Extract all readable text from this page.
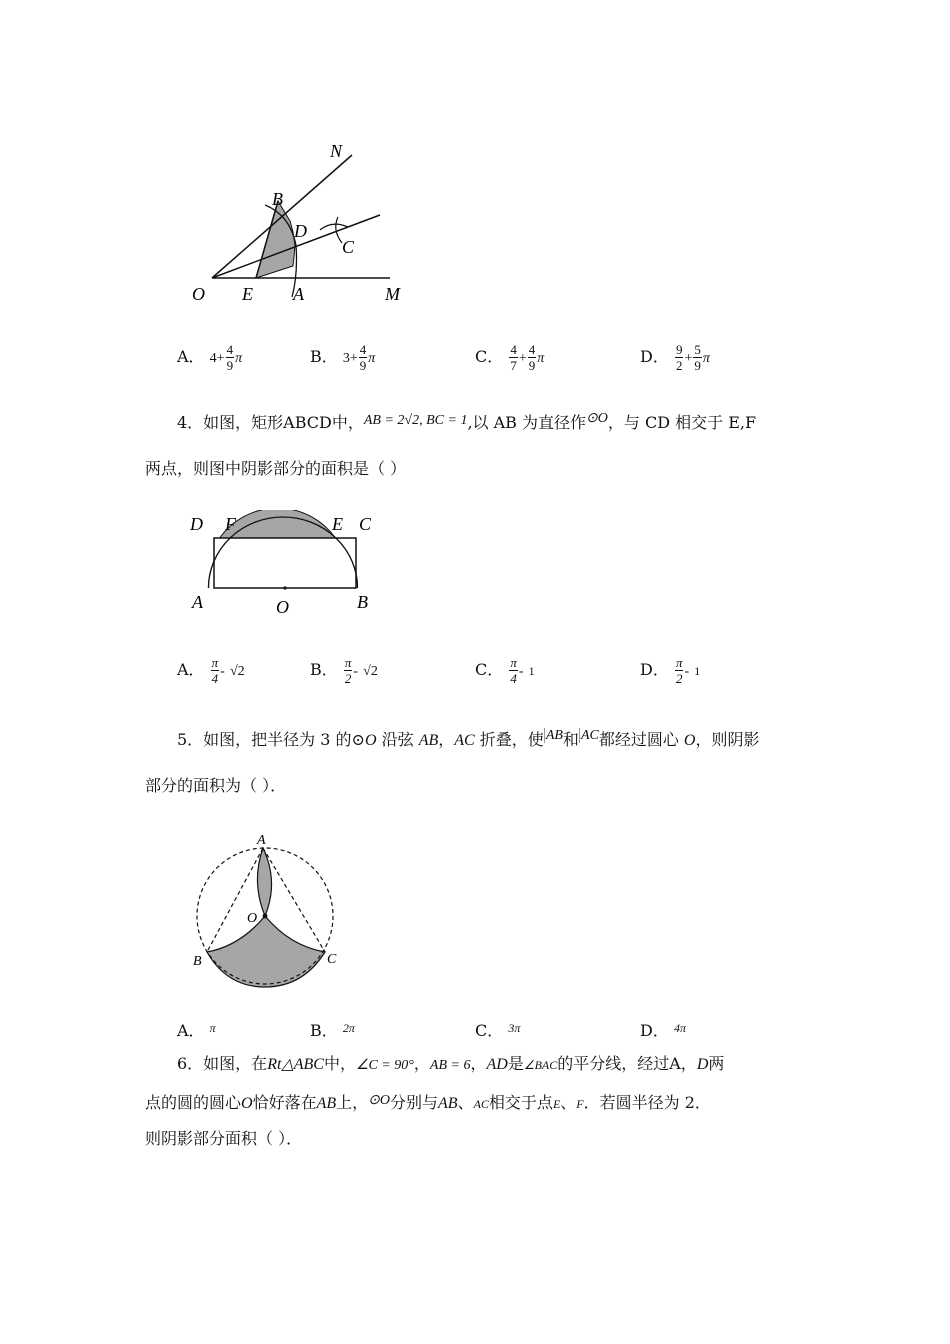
N
B
D
C
O E A	M
A． $4+ \frac{4}{9}$ π	B． $3+ \frac{4}{9}$ π	C． $\frac{4}{7} + \frac{4}{9}$ π	D． $\frac{9}{2} + \frac{5}{9}$ π
4．如图，矩形ABCD中，AB = 2√2, BC = 1,以 AB 为直径作⊙O，与 CD 相交于 E,F
两点，则图中阴影部分的面积是（ ）
D F	E C
A	O	B
A． $\frac{\pi}{4} - √2$	B． $\frac{\pi}{2} - √2$	C． $\frac{\pi}{4} - 1$	D． $\frac{\pi}{2} - 1$
5．如图，把半径为 3 的⊙O 沿弦 AB，AC 折叠，使 AB和 AC都经过圆心 O，则阴影
部分的面积为（ ）．
A
O
B	C
A． $^\pi$	B． $^{2\pi}$	C． $^{3\pi}$	D． $^{4\pi}$
6．如图，在Rt△ABC中，∠C = 90°，AB = 6，AD是∠BAC的平分线，经过A，D两
点的圆的圆心O恰好落在AB上，⊙O分别与AB、AC相交于点E、F．若圆半径为 2．
则阴影部分面积（ ）．
